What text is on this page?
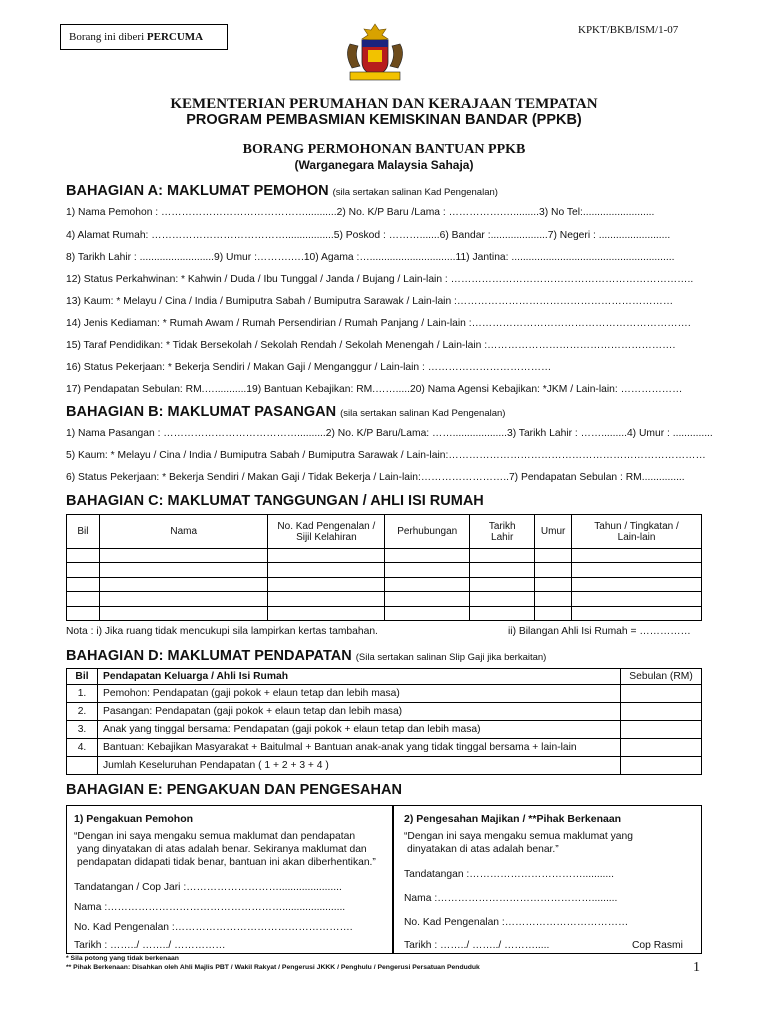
Borang ini diberi PERCUMA
KPKT/BKB/ISM/1-07
KEMENTERIAN PERUMAHAN DAN KERAJAAN TEMPATAN
PROGRAM PEMBASMIAN KEMISKINAN BANDAR (PPKB)
BORANG PERMOHONAN BANTUAN PPKB
(Warganegara Malaysia Sahaja)
BAHAGIAN A: MAKLUMAT PEMOHON (sila sertakan salinan Kad Pengenalan)
1) Nama Pemohon : ……………………………………...........2) No. K/P Baru /Lama : …………….….........3) No Tel:.........................
4) Alamat Rumah: ………………………………….................5) Poskod : ……….......6) Bandar :....................7) Negeri : .........................
8) Tarikh Lahir : ..........................9) Umur :……….….10) Agama :…..............................11) Jantina: .........................................................
12) Status Perkahwinan: * Kahwin / Duda / Ibu Tunggal / Janda / Bujang / Lain-lain : ……………………………………………………………..
13) Kaum: * Melayu / Cina / India / Bumiputra Sabah / Bumiputra Sarawak / Lain-lain :………………………………………………………
14) Jenis Kediaman: * Rumah Awam / Rumah Persendirian / Rumah Panjang / Lain-lain :……………………………………………………….
15) Taraf Pendidikan: * Tidak Bersekolah / Sekolah Rendah / Sekolah Menengah / Lain-lain :……………………………………………….
16) Status Pekerjaan: * Bekerja Sendiri / Makan Gaji / Menganggur / Lain-lain : ………………………………
17) Pendapatan Sebulan: RM.…...........19) Bantuan Kebajikan: RM.…….....20) Nama Agensi Kebajikan: *JKM / Lain-lain: ………………
BAHAGIAN B: MAKLUMAT PASANGAN (sila sertakan salinan Kad Pengenalan)
1) Nama Pasangan : …………………………………..........2) No. K/P Baru/Lama: ……...................3) Tarikh Lahir : …….........4) Umur : ..............
5) Kaum: * Melayu / Cina / India / Bumiputra Sabah / Bumiputra Sarawak / Lain-lain:…………………………………………………………………
6) Status Pekerjaan: * Bekerja Sendiri / Makan Gaji / Tidak Bekerja / Lain-lain:……………………..7) Pendapatan Sebulan : RM...............
BAHAGIAN C: MAKLUMAT TANGGUNGAN / AHLI ISI RUMAH
Bil	Nama	No. Kad Pengenalan / Sijil Kelahiran	Perhubungan	Tarikh Lahir	Umur	Tahun / Tingkatan / Lain-lain

Nota : i) Jika ruang tidak mencukupi sila lampirkan kertas tambahan.	ii) Bilangan Ahli Isi Rumah = ……………
BAHAGIAN D: MAKLUMAT PENDAPATAN (Sila sertakan salinan Slip Gaji jika berkaitan)
Bil	Pendapatan Keluarga / Ahli Isi Rumah	Sebulan (RM)
1.	Pemohon: Pendapatan (gaji pokok + elaun tetap dan lebih masa)	
2.	Pasangan: Pendapatan (gaji pokok + elaun tetap dan lebih masa)	
3.	Anak yang tinggal bersama: Pendapatan (gaji pokok + elaun tetap dan lebih masa)	
4.	Bantuan: Kebajikan Masyarakat + Baitulmal + Bantuan anak-anak yang tidak tinggal bersama + lain-lain	
	Jumlah Keseluruhan Pendapatan ( 1 + 2 + 3 + 4 )	
BAHAGIAN E: PENGAKUAN DAN PENGESAHAN
1) Pengakuan Pemohon
“Dengan ini saya mengaku semua maklumat dan pendapatan
yang dinyatakan di atas adalah benar. Sekiranya maklumat dan
pendapatan didapati tidak benar, bantuan ini akan diberhentikan.”
Tandatangan / Cop Jari :………………………......................
Nama :……………………………………………......................
No. Kad Pengenalan :…………………………………………….
Tarikh : ……../ ……../ ……………
2) Pengesahan Majikan / **Pihak Berkenaan
“Dengan ini saya mengaku semua maklumat yang
dinyatakan di atas adalah benar.”
Tandatangan :……………………………...........
Nama :……………………………………….........
No. Kad Pengenalan :………………………………
Tarikh : ……../ ……../ ……….....	Cop Rasmi
* Sila potong yang tidak berkenaan
** Pihak Berkenaan: Disahkan oleh Ahli Majlis PBT / Wakil Rakyat / Pengerusi JKKK / Penghulu / Pengerusi Persatuan Penduduk	1
